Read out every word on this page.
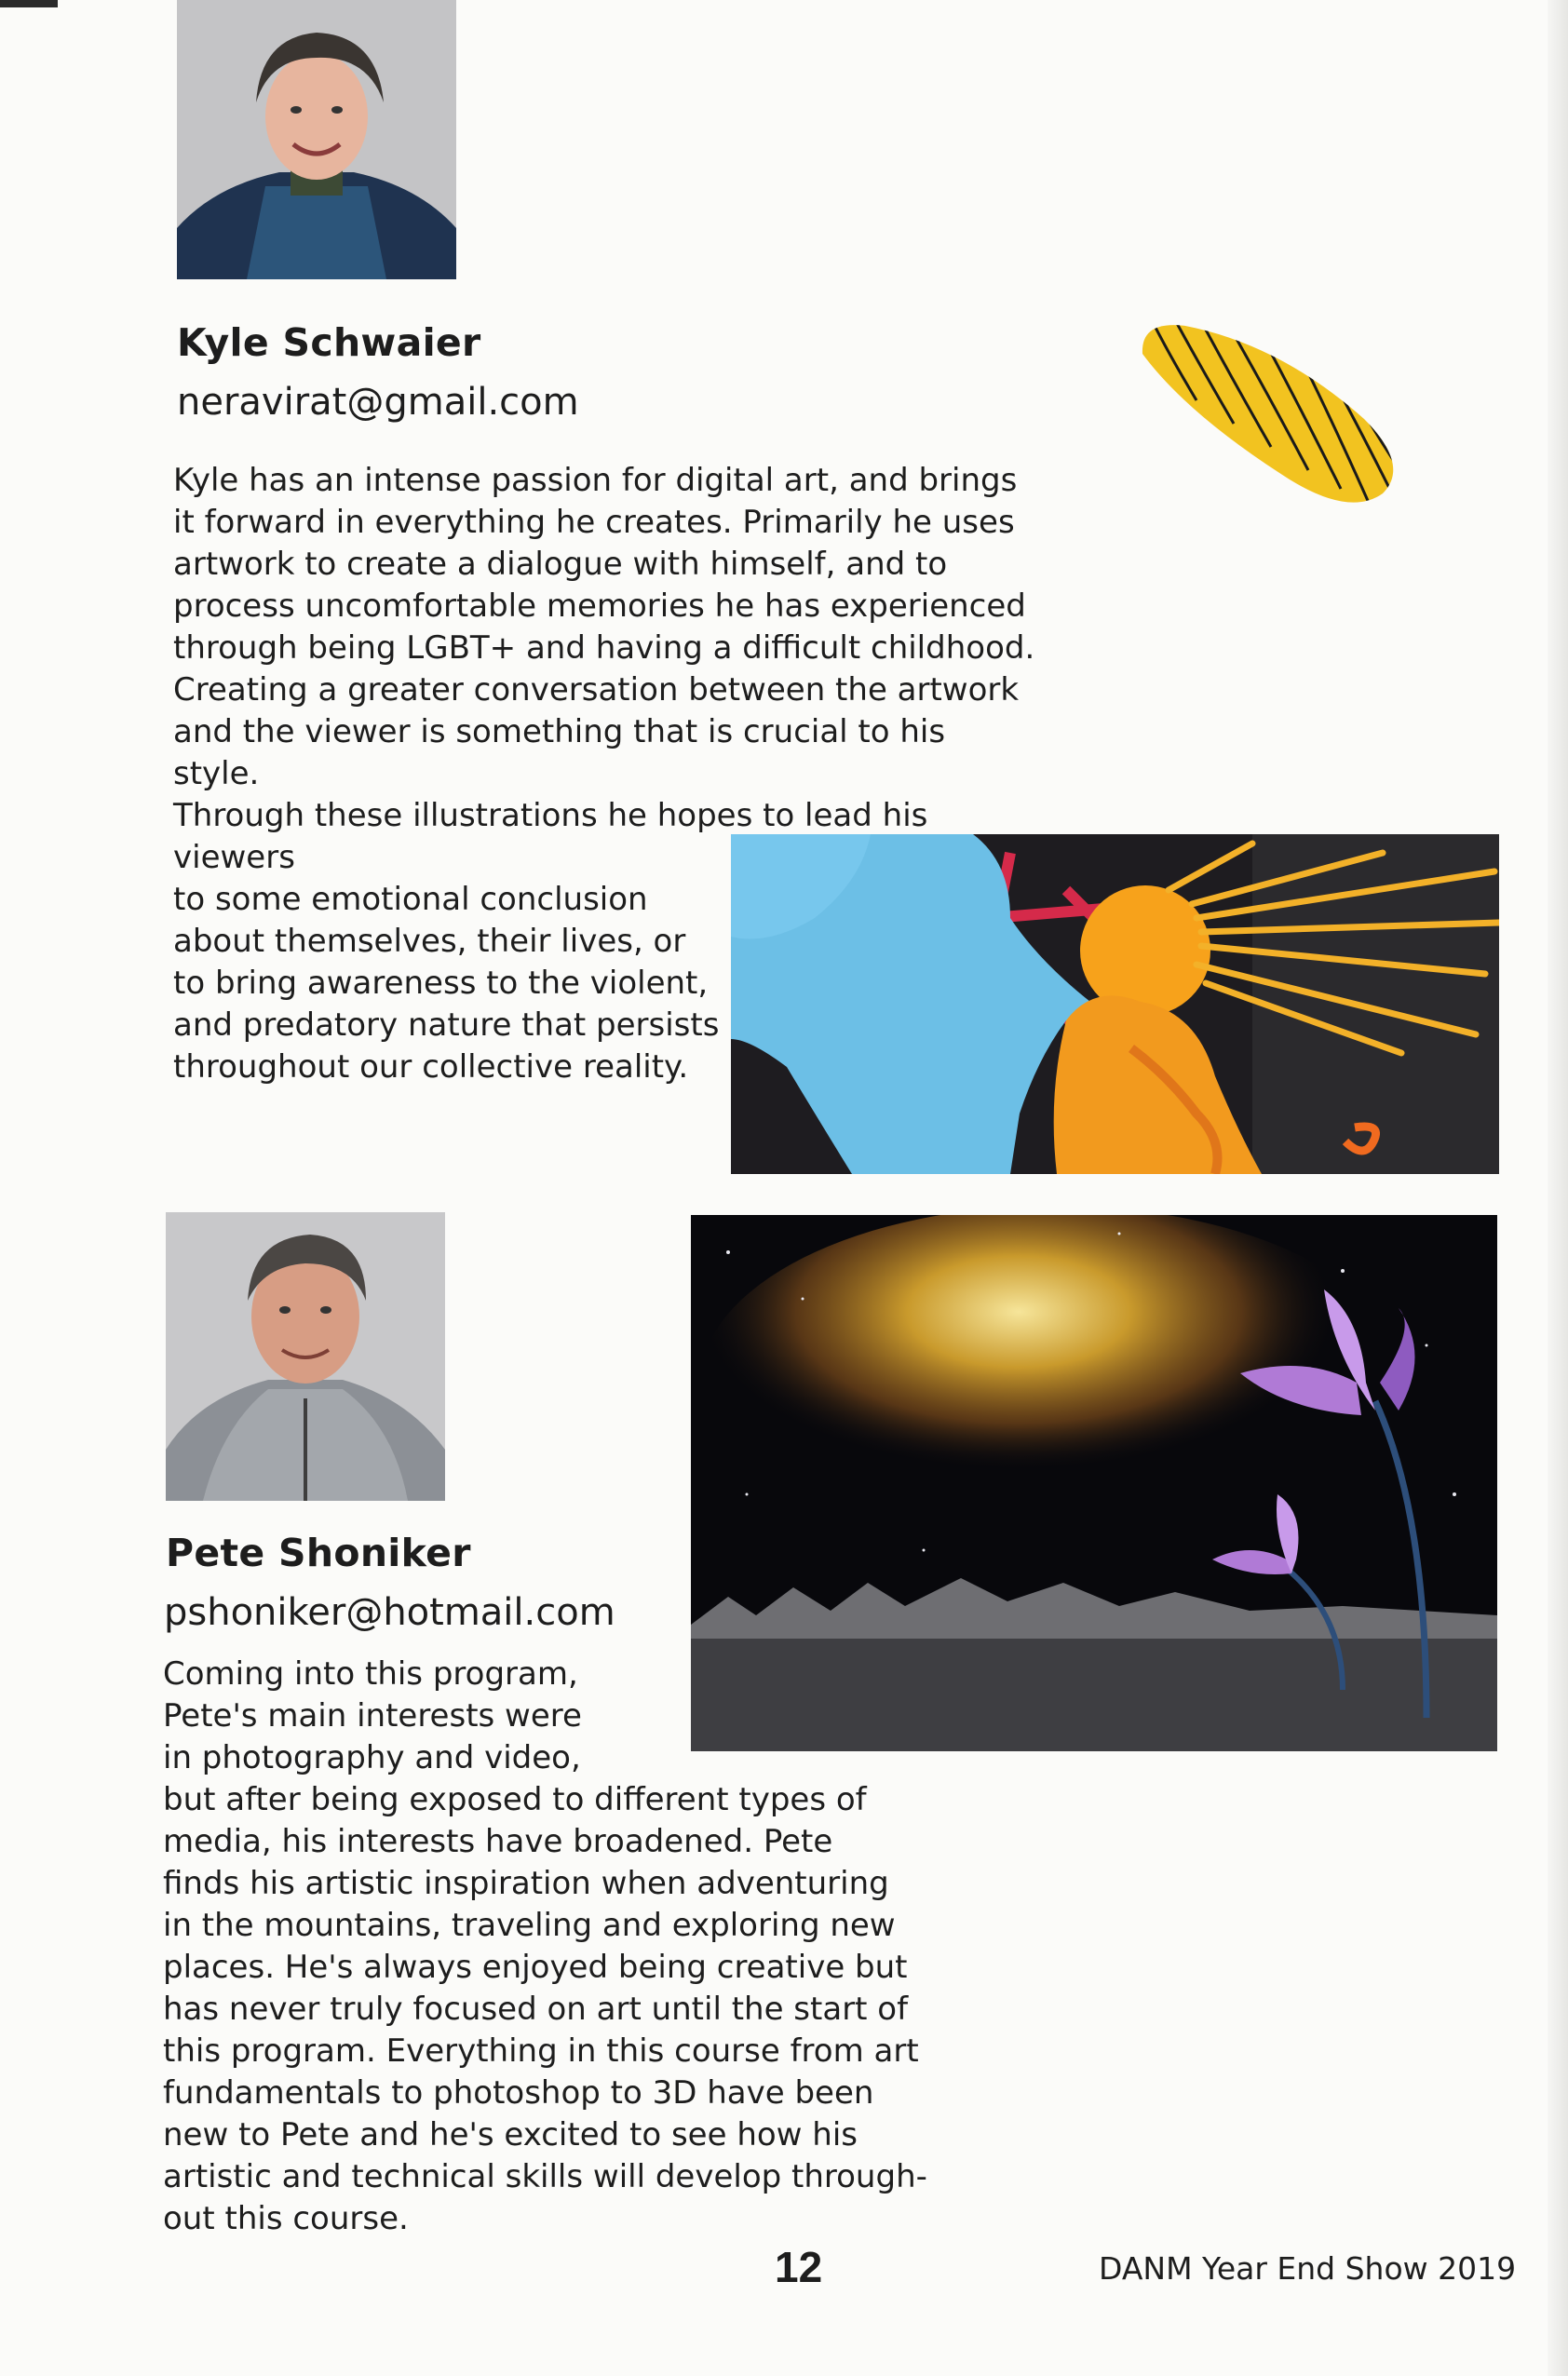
Kyle Schwaier
neravirat@gmail.com

Kyle has an intense passion for digital art, and brings
it forward in everything he creates. Primarily he uses
artwork to create a dialogue with himself, and to
process uncomfortable memories he has experienced
through being LGBT+ and having a difficult childhood.
Creating a greater conversation between the artwork
and the viewer is something that is crucial to his style.
Through these illustrations he hopes to lead his viewers
to some emotional conclusion
about themselves, their lives, or
to bring awareness to the violent,
and predatory nature that persists
throughout our collective reality.

Pete Shoniker
pshoniker@hotmail.com

Coming into this program,
Pete's main interests were
in photography and video,
but after being exposed to different types of
media, his interests have broadened. Pete
finds his artistic inspiration when adventuring
in the mountains, traveling and exploring new
places. He's always enjoyed being creative but
has never truly focused on art until the start of
this program. Everything in this course from art
fundamentals to photoshop to 3D have been
new to Pete and he's excited to see how his
artistic and technical skills will develop through-
out this course.

12	DANM Year End Show 2019
